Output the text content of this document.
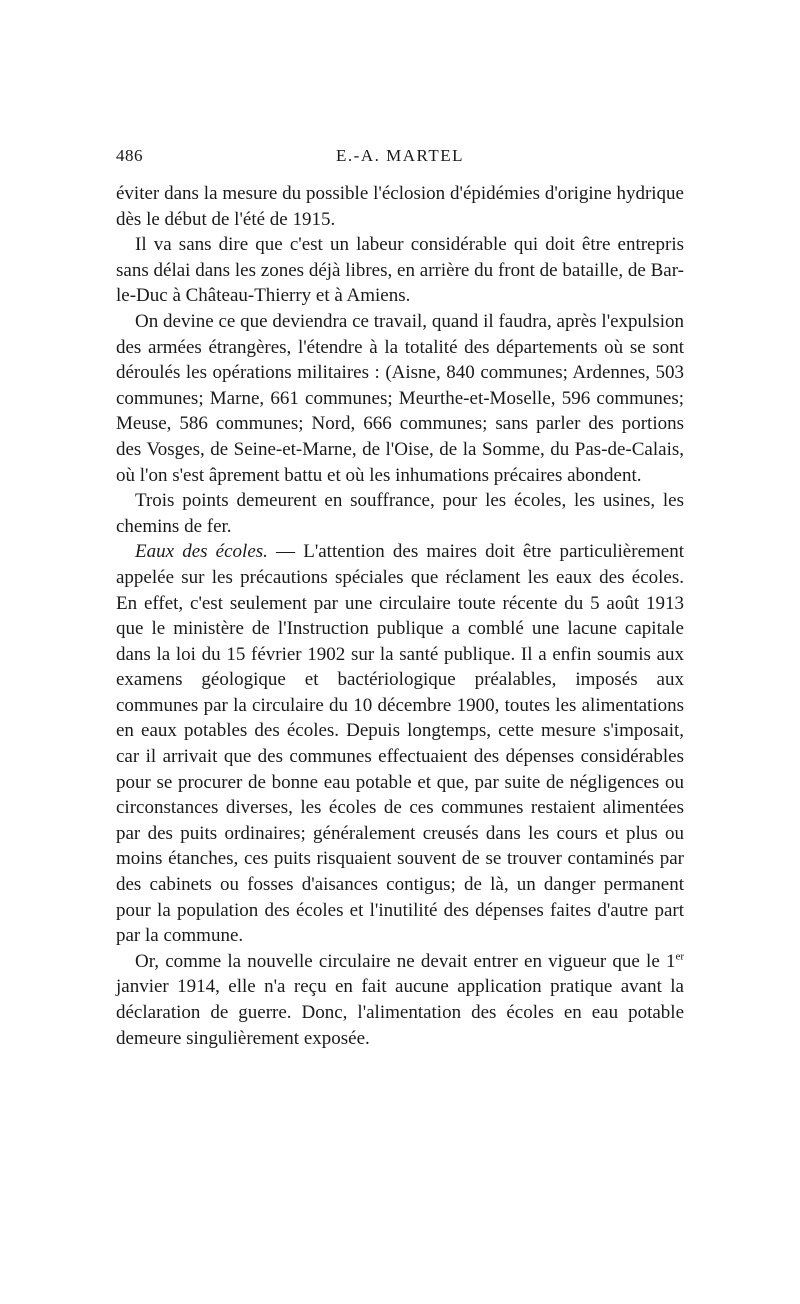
486	E.-A. MARTEL

éviter dans la mesure du possible l'éclosion d'épidémies d'origine hydrique dès le début de l'été de 1915.

Il va sans dire que c'est un labeur considérable qui doit être entrepris sans délai dans les zones déjà libres, en arrière du front de bataille, de Bar-le-Duc à Château-Thierry et à Amiens.

On devine ce que deviendra ce travail, quand il faudra, après l'expulsion des armées étrangères, l'étendre à la totalité des départements où se sont déroulés les opérations militaires : (Aisne, 840 communes; Ardennes, 503 communes; Marne, 661 communes; Meurthe-et-Moselle, 596 communes; Meuse, 586 communes; Nord, 666 communes; sans parler des portions des Vosges, de Seine-et-Marne, de l'Oise, de la Somme, du Pas-de-Calais, où l'on s'est âprement battu et où les inhumations précaires abondent.

Trois points demeurent en souffrance, pour les écoles, les usines, les chemins de fer.

Eaux des écoles. — L'attention des maires doit être particulièrement appelée sur les précautions spéciales que réclament les eaux des écoles. En effet, c'est seulement par une circulaire toute récente du 5 août 1913 que le ministère de l'Instruction publique a comblé une lacune capitale dans la loi du 15 février 1902 sur la santé publique. Il a enfin soumis aux examens géologique et bactériologique préalables, imposés aux communes par la circulaire du 10 décembre 1900, toutes les alimentations en eaux potables des écoles. Depuis longtemps, cette mesure s'imposait, car il arrivait que des communes effectuaient des dépenses considérables pour se procurer de bonne eau potable et que, par suite de négligences ou circonstances diverses, les écoles de ces communes restaient alimentées par des puits ordinaires; généralement creusés dans les cours et plus ou moins étanches, ces puits risquaient souvent de se trouver contaminés par des cabinets ou fosses d'aisances contigus; de là, un danger permanent pour la population des écoles et l'inutilité des dépenses faites d'autre part par la commune.

Or, comme la nouvelle circulaire ne devait entrer en vigueur que le 1er janvier 1914, elle n'a reçu en fait aucune application pratique avant la déclaration de guerre. Donc, l'alimentation des écoles en eau potable demeure singulièrement exposée.
